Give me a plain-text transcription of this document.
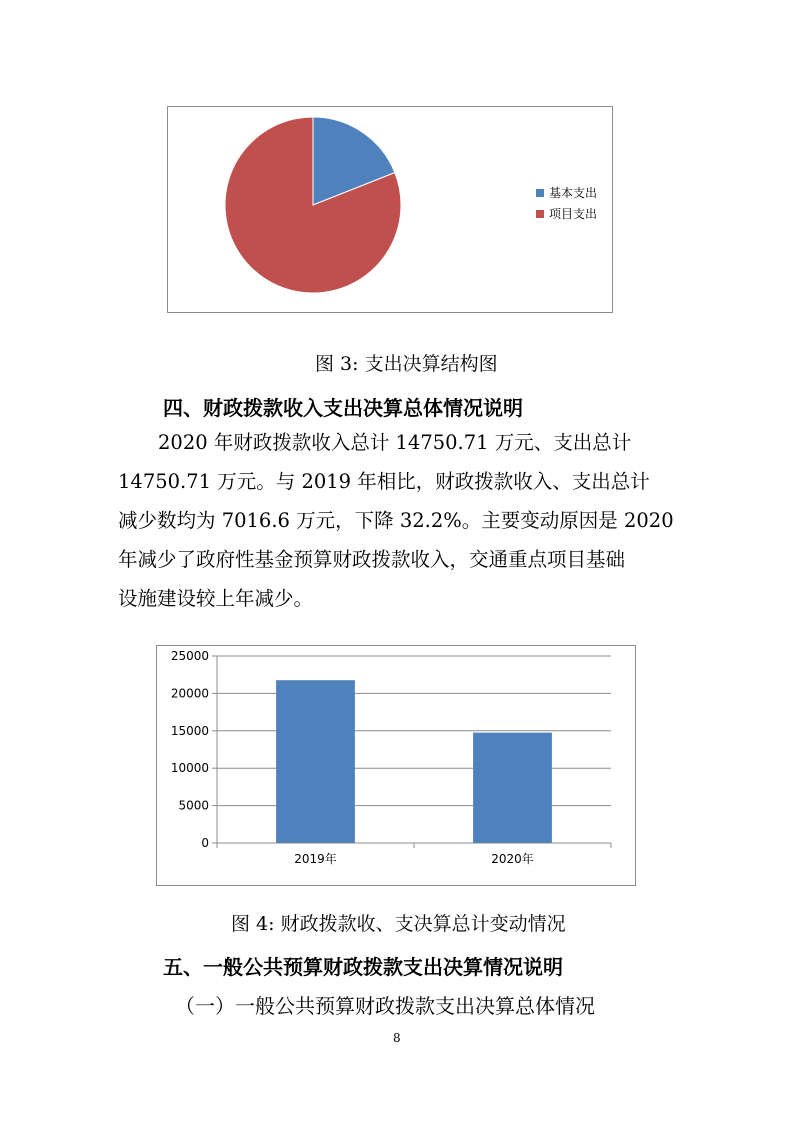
基本支出
项目支出
图 3: 支出决算结构图
四、财政拨款收入支出决算总体情况说明
2020 年财政拨款收入总计 14750.71 万元、支出总计
14750.71 万元。与 2019 年相比，财政拨款收入、支出总计
减少数均为 7016.6 万元，下降 32.2%。主要变动原因是 2020
年减少了政府性基金预算财政拨款收入，交通重点项目基础
设施建设较上年减少。
0
5000
10000
15000
20000
25000
2019年	2020年
图 4: 财政拨款收、支决算总计变动情况
五、一般公共预算财政拨款支出决算情况说明
（一）一般公共预算财政拨款支出决算总体情况
8
